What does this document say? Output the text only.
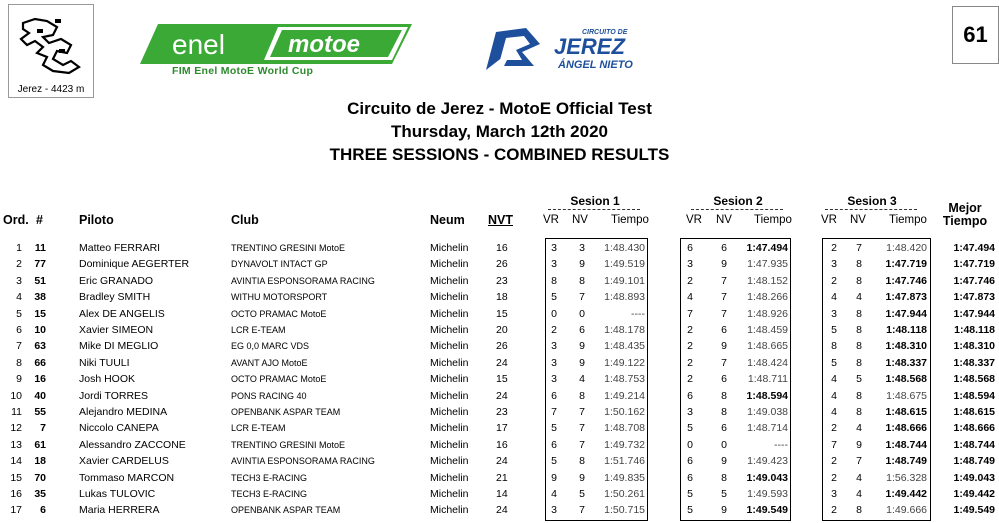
Jerez - 4423 m
enel	motoe
FIM Enel MotoE World Cup
CIRCUITO DE
JEREZ
ÁNGEL NIETO
61
Circuito de Jerez - MotoE Official Test
Thursday, March 12th 2020
THREE SESSIONS - COMBINED RESULTS
Ord. #	Piloto	Club	Neum NVT
Sesion 1
VR NV Tiempo
Sesion 2
VR NV Tiempo
Sesion 3
VR NV Tiempo
Mejor
Tiempo
1	11	Matteo FERRARI	TRENTINO GRESINI MotoE	Michelin	16	3	3	1:48.430	6	6	1:47.494	2	7	1:48.420	1:47.494
2	77	Dominique AEGERTER	DYNAVOLT INTACT GP	Michelin	26	3	9	1:49.519	3	9	1:47.935	3	8	1:47.719	1:47.719
3	51	Eric GRANADO	AVINTIA ESPONSORAMA RACING	Michelin	23	8	8	1:49.101	2	7	1:48.152	2	8	1:47.746	1:47.746
4	38	Bradley SMITH	WITHU MOTORSPORT	Michelin	18	5	7	1:48.893	4	7	1:48.266	4	4	1:47.873	1:47.873
5	15	Alex DE ANGELIS	OCTO PRAMAC MotoE	Michelin	15	0	0	----	7	7	1:48.926	3	8	1:47.944	1:47.944
6	10	Xavier SIMEON	LCR E-TEAM	Michelin	20	2	6	1:48.178	2	6	1:48.459	5	8	1:48.118	1:48.118
7	63	Mike DI MEGLIO	EG 0,0 MARC VDS	Michelin	26	3	9	1:48.435	2	9	1:48.665	8	8	1:48.310	1:48.310
8	66	Niki TUULI	AVANT AJO MotoE	Michelin	24	3	9	1:49.122	2	7	1:48.424	5	8	1:48.337	1:48.337
9	16	Josh HOOK	OCTO PRAMAC MotoE	Michelin	15	3	4	1:48.753	2	6	1:48.711	4	5	1:48.568	1:48.568
10	40	Jordi TORRES	PONS RACING 40	Michelin	24	6	8	1:49.214	6	8	1:48.594	4	8	1:48.675	1:48.594
11	55	Alejandro MEDINA	OPENBANK ASPAR TEAM	Michelin	23	7	7	1:50.162	3	8	1:49.038	4	8	1:48.615	1:48.615
12	7	Niccolo CANEPA	LCR E-TEAM	Michelin	17	5	7	1:48.708	5	6	1:48.714	2	4	1:48.666	1:48.666
13	61	Alessandro ZACCONE	TRENTINO GRESINI MotoE	Michelin	16	6	7	1:49.732	0	0	----	7	9	1:48.744	1:48.744
14	18	Xavier CARDELUS	AVINTIA ESPONSORAMA RACING	Michelin	24	5	8	1:51.746	6	9	1:49.423	2	7	1:48.749	1:48.749
15	70	Tommaso MARCON	TECH3 E-RACING	Michelin	21	9	9	1:49.835	6	8	1:49.043	2	4	1:56.328	1:49.043
16	35	Lukas TULOVIC	TECH3 E-RACING	Michelin	14	4	5	1:50.261	5	5	1:49.593	3	4	1:49.442	1:49.442
17	6	Maria HERRERA	OPENBANK ASPAR TEAM	Michelin	24	3	7	1:50.715	5	9	1:49.549	2	8	1:49.666	1:49.549
